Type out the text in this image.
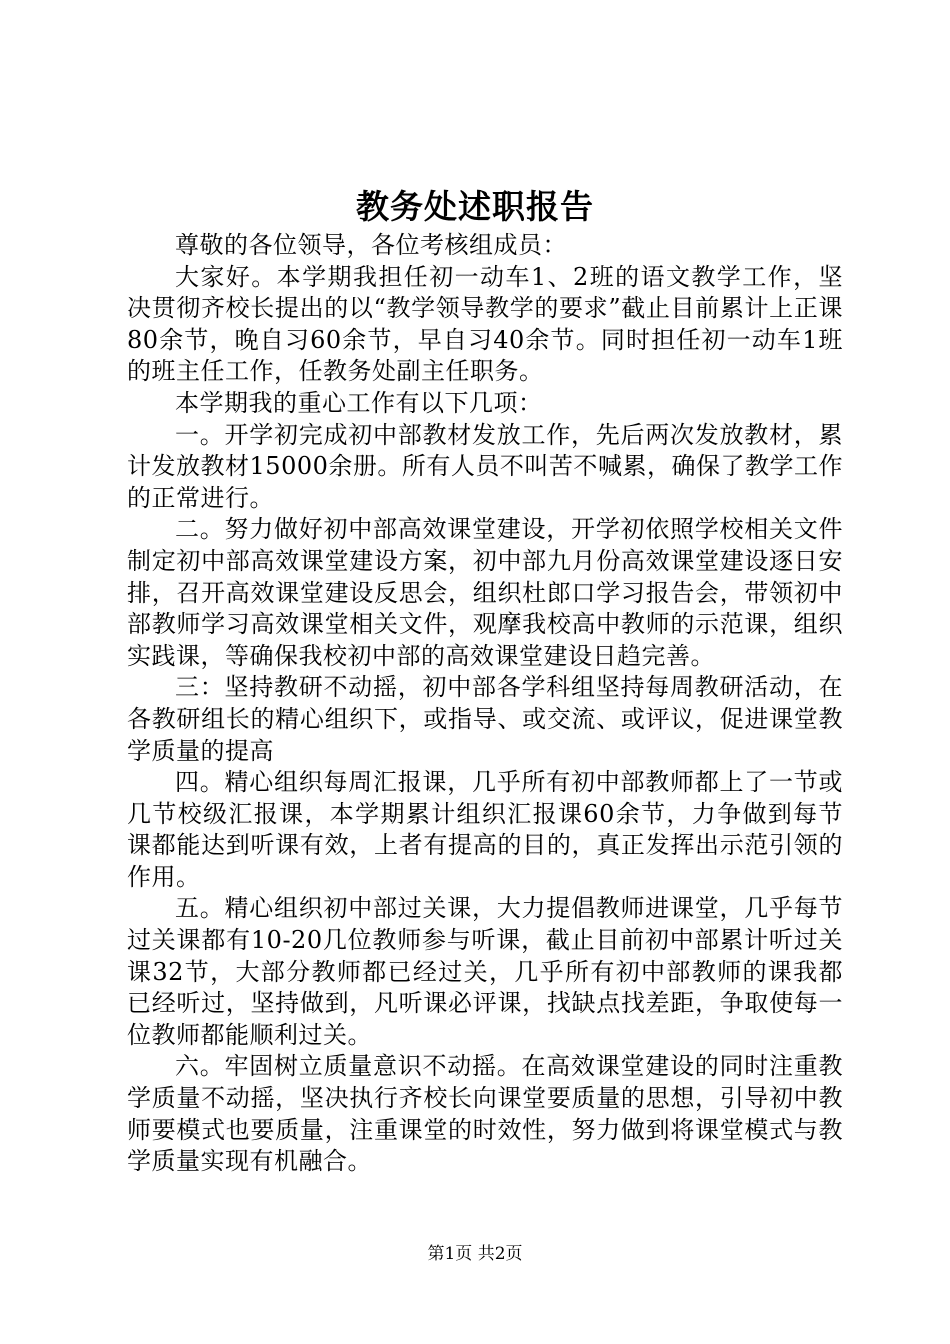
教务处述职报告

尊敬的各位领导，各位考核组成员：

大家好。本学期我担任初一动车1、2班的语文教学工作，坚决贯彻齐校长提出的以“教学领导教学的要求”截止目前累计上正课80余节，晚自习60余节，早自习40余节。同时担任初一动车1班的班主任工作，任教务处副主任职务。

本学期我的重心工作有以下几项：

一。开学初完成初中部教材发放工作，先后两次发放教材，累计发放教材15000余册。所有人员不叫苦不喊累，确保了教学工作的正常进行。

二。努力做好初中部高效课堂建设，开学初依照学校相关文件制定初中部高效课堂建设方案，初中部九月份高效课堂建设逐日安排，召开高效课堂建设反思会，组织杜郎口学习报告会，带领初中部教师学习高效课堂相关文件，观摩我校高中教师的示范课，组织实践课，等确保我校初中部的高效课堂建设日趋完善。

三：坚持教研不动摇，初中部各学科组坚持每周教研活动，在各教研组长的精心组织下，或指导、或交流、或评议，促进课堂教学质量的提高

四。精心组织每周汇报课，几乎所有初中部教师都上了一节或几节校级汇报课，本学期累计组织汇报课60余节，力争做到每节课都能达到听课有效，上者有提高的目的，真正发挥出示范引领的作用。

五。精心组织初中部过关课，大力提倡教师进课堂，几乎每节过关课都有10-20几位教师参与听课，截止目前初中部累计听过关课32节，大部分教师都已经过关，几乎所有初中部教师的课我都已经听过，坚持做到，凡听课必评课，找缺点找差距，争取使每一位教师都能顺利过关。

六。牢固树立质量意识不动摇。在高效课堂建设的同时注重教学质量不动摇，坚决执行齐校长向课堂要质量的思想，引导初中教师要模式也要质量，注重课堂的时效性，努力做到将课堂模式与教学质量实现有机融合。

第1页 共2页
